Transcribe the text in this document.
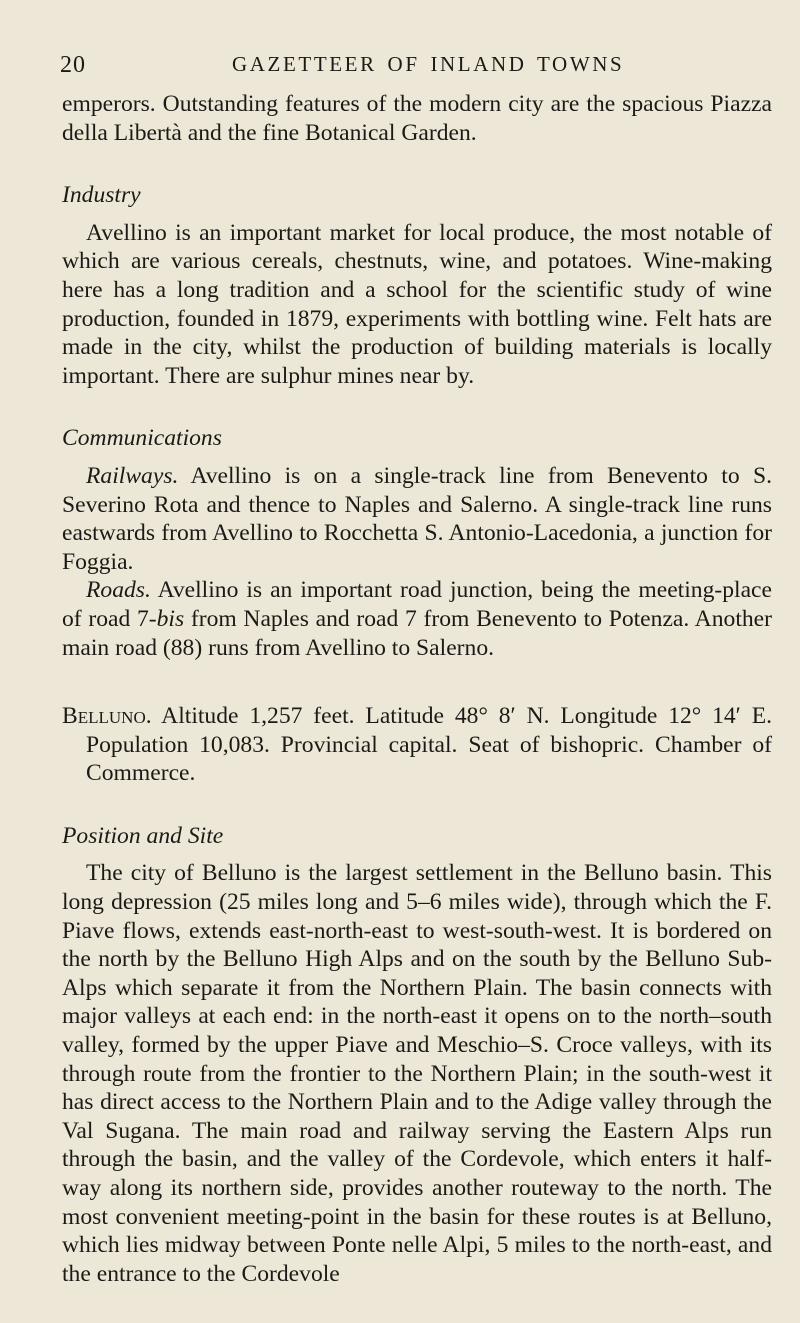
20	GAZETTEER OF INLAND TOWNS

emperors. Outstanding features of the modern city are the spacious Piazza della Libertà and the fine Botanical Garden.

Industry

Avellino is an important market for local produce, the most notable of which are various cereals, chestnuts, wine, and potatoes. Wine-making here has a long tradition and a school for the scientific study of wine production, founded in 1879, experiments with bottling wine. Felt hats are made in the city, whilst the production of building materials is locally important. There are sulphur mines near by.

Communications

Railways. Avellino is on a single-track line from Benevento to S. Severino Rota and thence to Naples and Salerno. A single-track line runs eastwards from Avellino to Rocchetta S. Antonio-Lacedonia, a junction for Foggia.

Roads. Avellino is an important road junction, being the meeting-place of road 7-bis from Naples and road 7 from Benevento to Potenza. Another main road (88) runs from Avellino to Salerno.

Belluno. Altitude 1,257 feet. Latitude 48° 8′ N. Longitude 12° 14′ E. Population 10,083. Provincial capital. Seat of bishopric. Chamber of Commerce.

Position and Site

The city of Belluno is the largest settlement in the Belluno basin. This long depression (25 miles long and 5–6 miles wide), through which the F. Piave flows, extends east-north-east to west-south-west. It is bordered on the north by the Belluno High Alps and on the south by the Belluno Sub-Alps which separate it from the Northern Plain. The basin connects with major valleys at each end: in the north-east it opens on to the north–south valley, formed by the upper Piave and Meschio–S. Croce valleys, with its through route from the frontier to the Northern Plain; in the south-west it has direct access to the Northern Plain and to the Adige valley through the Val Sugana. The main road and railway serving the Eastern Alps run through the basin, and the valley of the Cordevole, which enters it half-way along its northern side, provides another routeway to the north. The most convenient meeting-point in the basin for these routes is at Belluno, which lies midway between Ponte nelle Alpi, 5 miles to the north-east, and the entrance to the Cordevole
